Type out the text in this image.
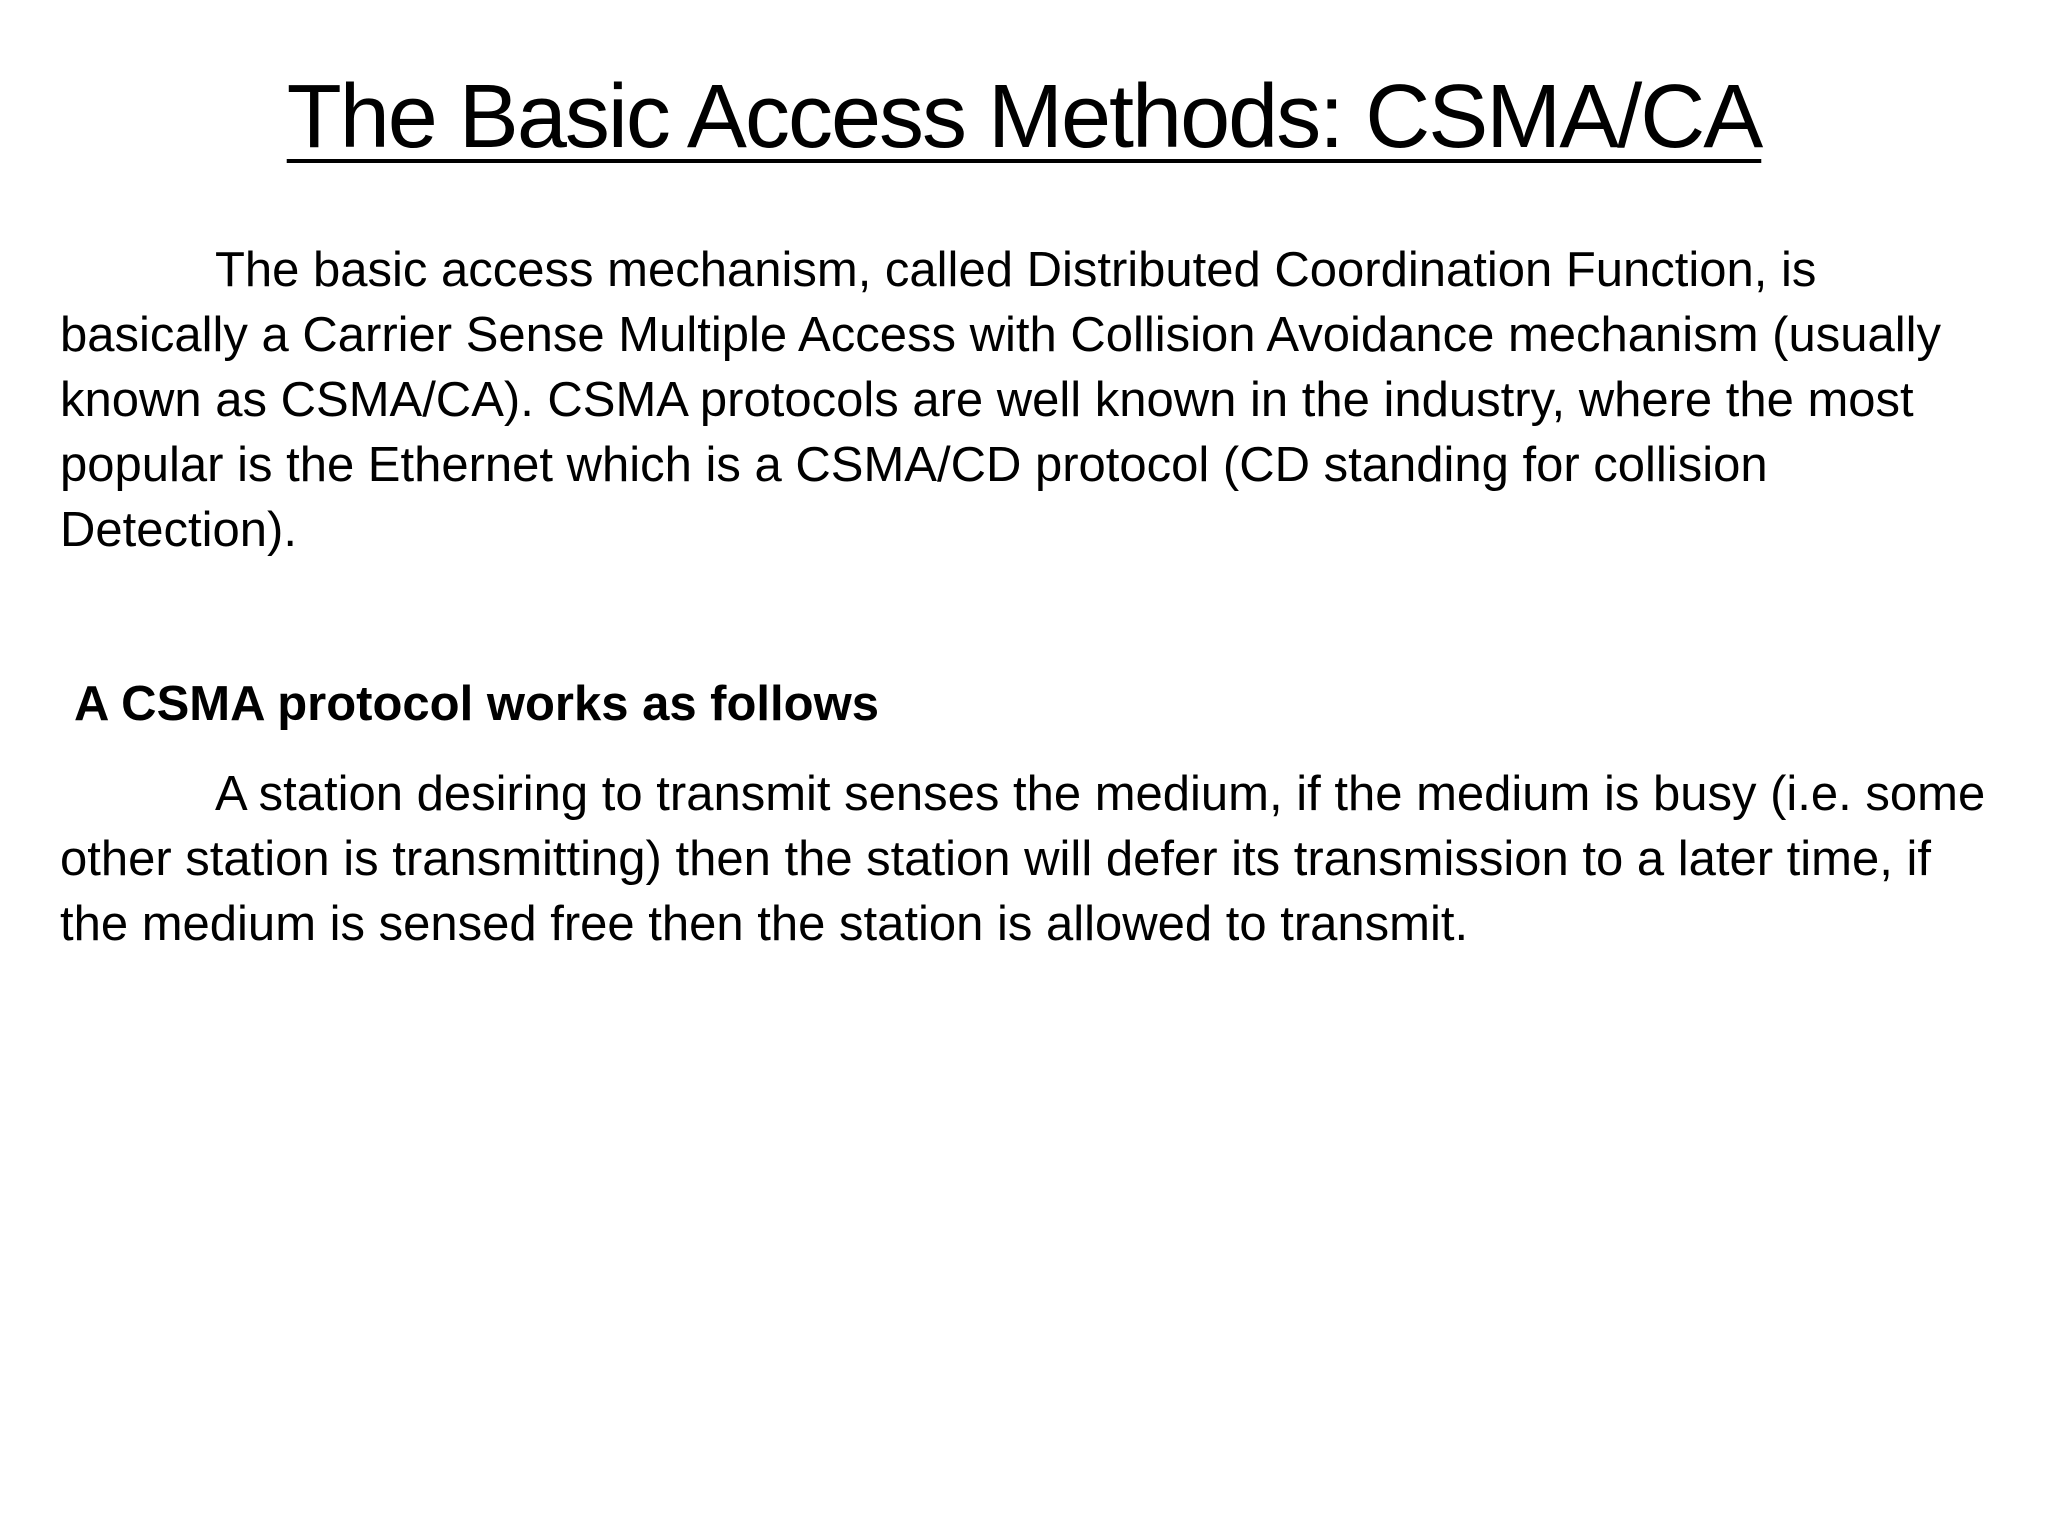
The Basic Access Methods: CSMA/CA

The basic access mechanism, called Distributed Coordination Function, is basically a Carrier Sense Multiple Access with Collision Avoidance mechanism (usually known as CSMA/CA). CSMA protocols are well known in the industry, where the most popular is the Ethernet which is a CSMA/CD protocol (CD standing for collision Detection).

A CSMA protocol works as follows

A station desiring to transmit senses the medium, if the medium is busy (i.e. some other station is transmitting) then the station will defer its transmission to a later time, if the medium is sensed free then the station is allowed to transmit.
